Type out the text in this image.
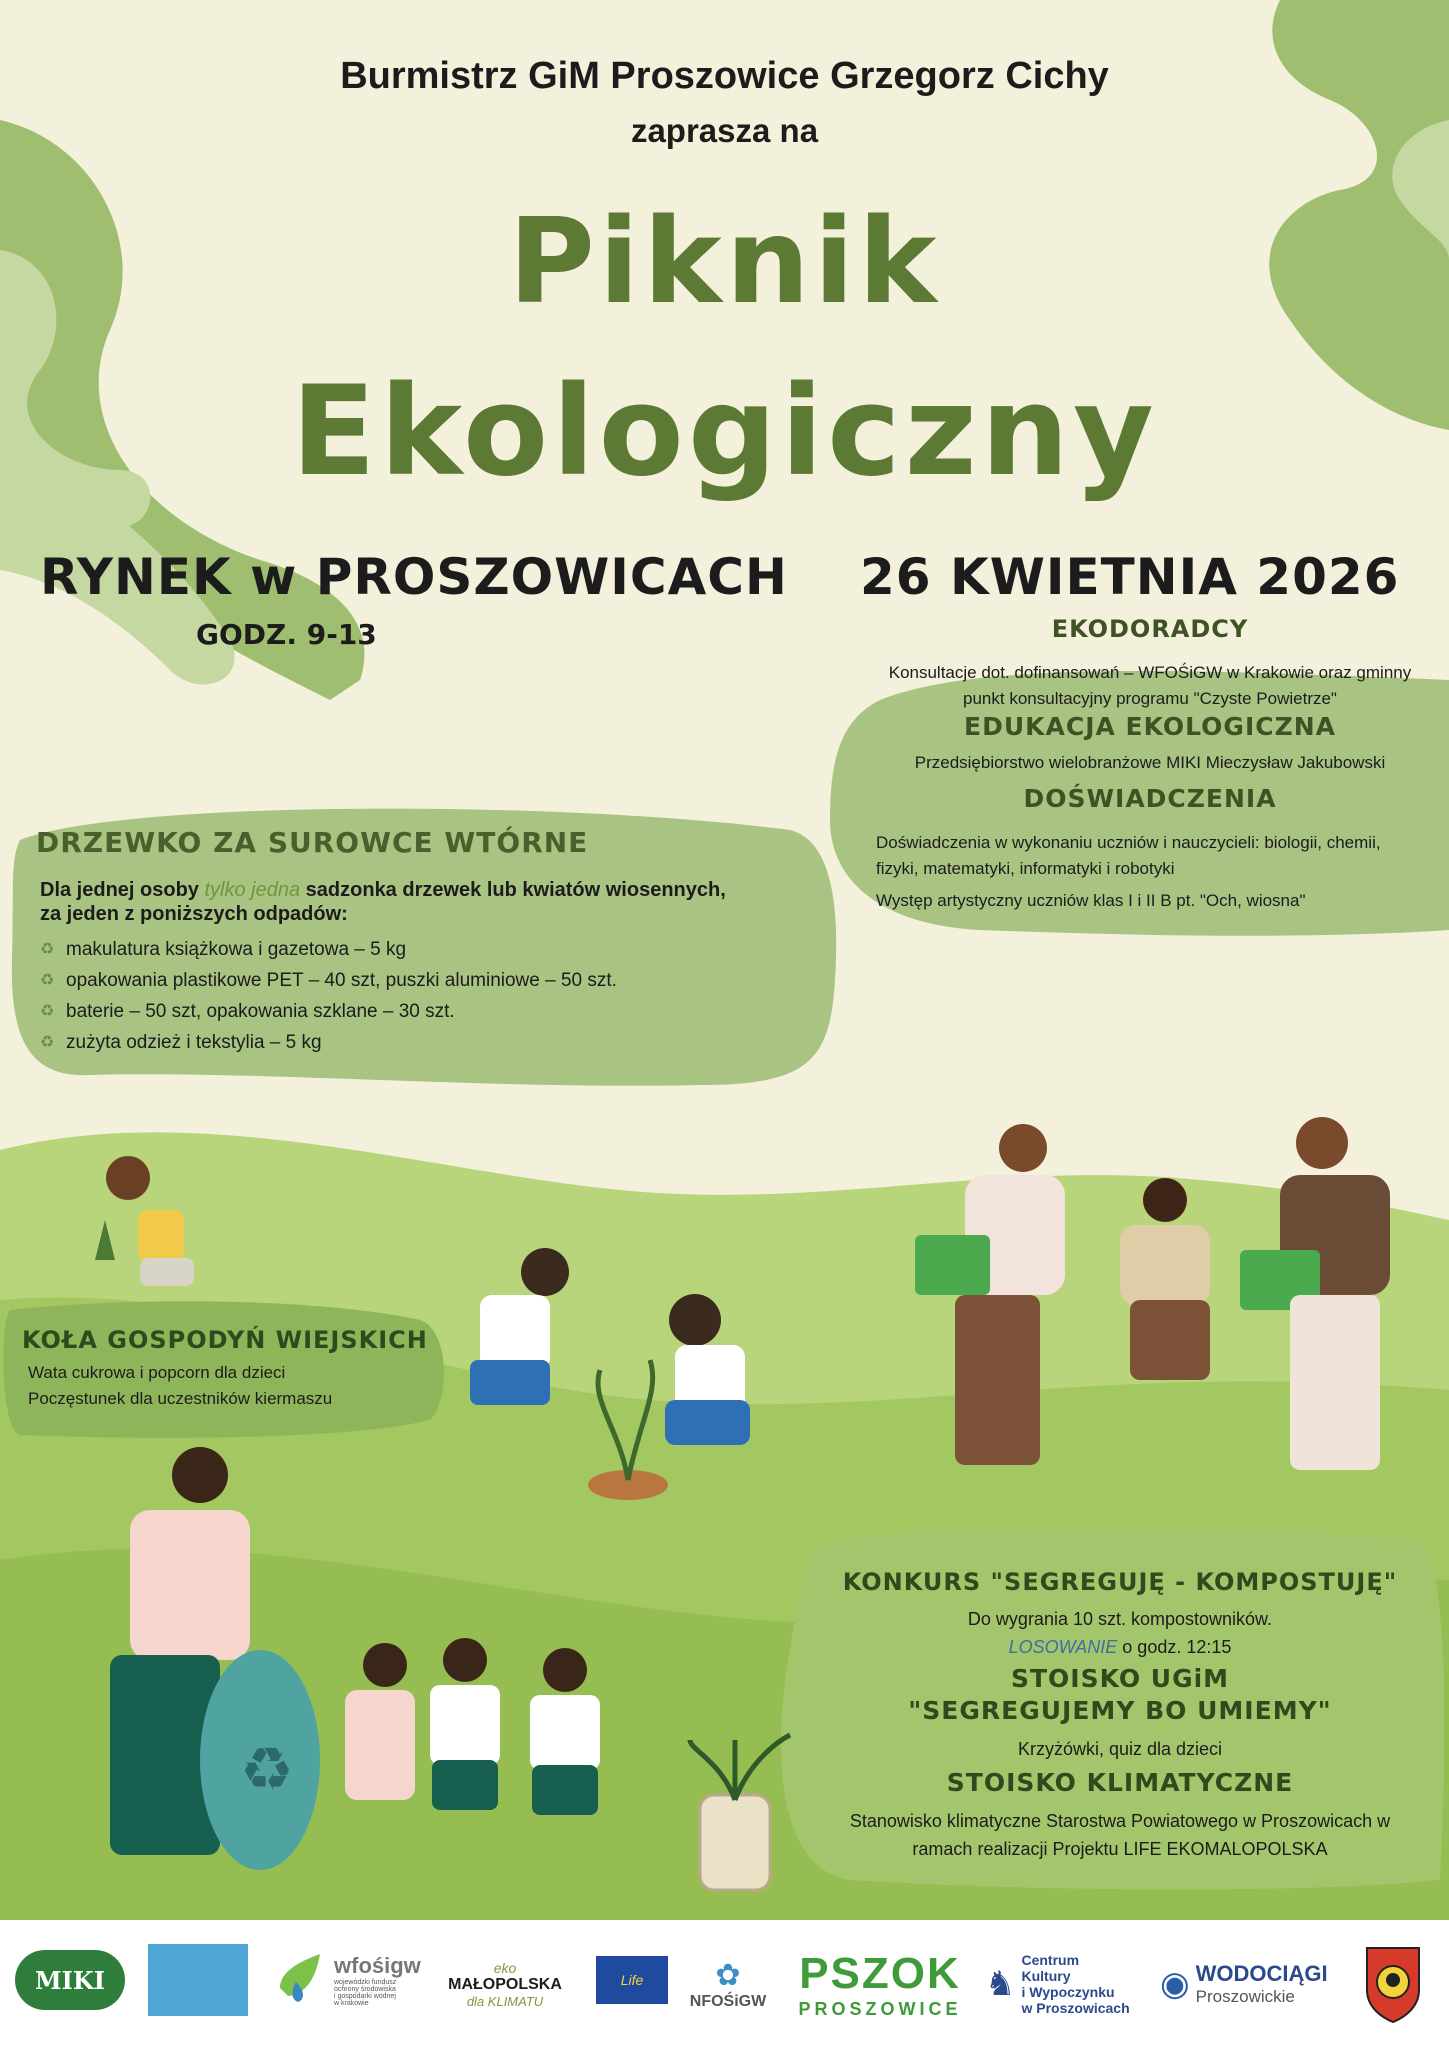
♻
Burmistrz GiM Proszowice Grzegorz Cichy
zaprasza na
Piknik
Ekologiczny
RYNEK w PROSZOWICACH 26 KWIETNIA 2026
GODZ. 9-13	EKODORADCY
Konsultacje dot. dofinansowań – WFOŚiGW w Krakowie oraz gminny
punkt konsultacyjny programu "Czyste Powietrze"
EDUKACJA EKOLOGICZNA
Przedsiębiorstwo wielobranżowe MIKI Mieczysław Jakubowski
DOŚWIADCZENIA
Doświadczenia w wykonaniu uczniów i nauczycieli: biologii, chemii,
fizyki, matematyki, informatyki i robotyki
Występ artystyczny uczniów klas I i II B pt. "Och, wiosna"
DRZEWKO ZA SUROWCE WTÓRNE
Dla jednej osoby tylko jedna sadzonka drzewek lub kwiatów wiosennych,
za jeden z poniższych odpadów:
♻ makulatura książkowa i gazetowa – 5 kg
♻ opakowania plastikowe PET – 40 szt, puszki aluminiowe – 50 szt.
♻ baterie – 50 szt, opakowania szklane – 30 szt.
♻ zużyta odzież i tekstylia – 5 kg
KOŁA GOSPODYŃ WIEJSKICH
Wata cukrowa i popcorn dla dzieci
Poczęstunek dla uczestników kiermaszu
KONKURS "SEGREGUJĘ - KOMPOSTUJĘ"
Do wygrania 10 szt. kompostowników.
LOSOWANIE o godz. 12:15
STOISKO UGiM
"SEGREGUJEMY BO UMIEMY"
Krzyżówki, quiz dla dzieci
STOISKO KLIMATYCZNE
Stanowisko klimatyczne Starostwa Powiatowego w Proszowicach w
ramach realizacji Projektu LIFE EKOMALOPOLSKA
MIKI	wfośigw
wojewódzki fundusz
ochrony środowiska
i gospodarki wodnej
w krakowie
eko
MAŁOPOLSKA
dla KLIMATU
Life ✿
NFOŚiGW
PSZOK
PROSZOWICE
♞
Centrum
Kultury
i Wypoczynku
w Proszowicach
◉ WODOCIĄGI
Proszowickie
